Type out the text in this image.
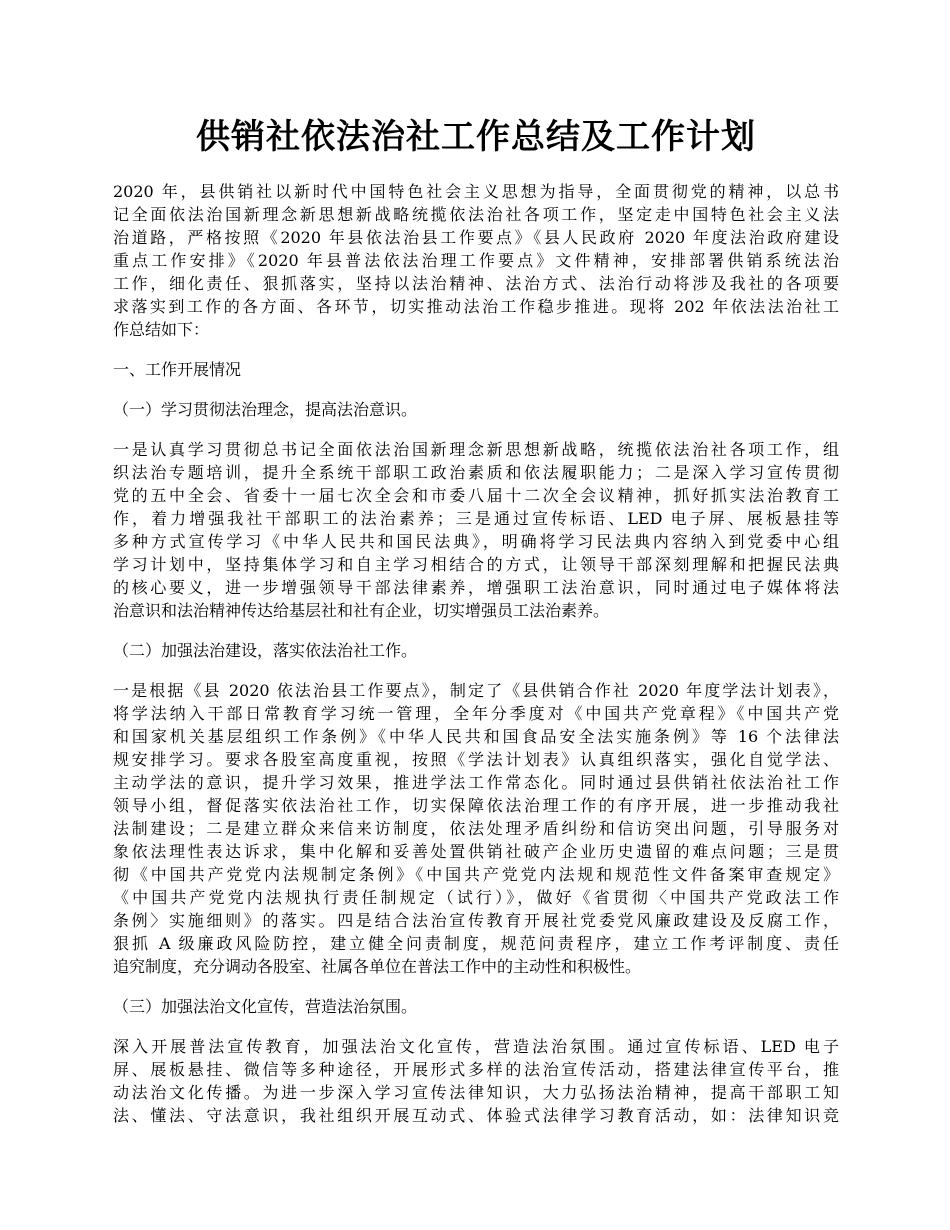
供销社依法治社工作总结及工作计划

2020 年，县供销社以新时代中国特色社会主义思想为指导，全面贯彻党的精神，以总书
记全面依法治国新理念新思想新战略统揽依法治社各项工作，坚定走中国特色社会主义法
治道路，严格按照《2020 年县依法治县工作要点》《县人民政府 2020 年度法治政府建设
重点工作安排》《2020 年县普法依法治理工作要点》文件精神，安排部署供销系统法治
工作，细化责任、狠抓落实，坚持以法治精神、法治方式、法治行动将涉及我社的各项要
求落实到工作的各方面、各环节，切实推动法治工作稳步推进。现将 202 年依法法治社工
作总结如下：

一、工作开展情况

（一）学习贯彻法治理念，提高法治意识。

一是认真学习贯彻总书记全面依法治国新理念新思想新战略，统揽依法治社各项工作，组
织法治专题培训，提升全系统干部职工政治素质和依法履职能力；二是深入学习宣传贯彻
党的五中全会、省委十一届七次全会和市委八届十二次全会议精神，抓好抓实法治教育工
作，着力增强我社干部职工的法治素养；三是通过宣传标语、LED 电子屏、展板悬挂等
多种方式宣传学习《中华人民共和国民法典》，明确将学习民法典内容纳入到党委中心组
学习计划中，坚持集体学习和自主学习相结合的方式，让领导干部深刻理解和把握民法典
的核心要义，进一步增强领导干部法律素养，增强职工法治意识，同时通过电子媒体将法
治意识和法治精神传达给基层社和社有企业，切实增强员工法治素养。

（二）加强法治建设，落实依法治社工作。

一是根据《县 2020 依法治县工作要点》，制定了《县供销合作社 2020 年度学法计划表》，
将学法纳入干部日常教育学习统一管理，全年分季度对《中国共产党章程》《中国共产党
和国家机关基层组织工作条例》《中华人民共和国食品安全法实施条例》等 16 个法律法
规安排学习。要求各股室高度重视，按照《学法计划表》认真组织落实，强化自觉学法、
主动学法的意识，提升学习效果，推进学法工作常态化。同时通过县供销社依法治社工作
领导小组，督促落实依法治社工作，切实保障依法治理工作的有序开展，进一步推动我社
法制建设；二是建立群众来信来访制度，依法处理矛盾纠纷和信访突出问题，引导服务对
象依法理性表达诉求，集中化解和妥善处置供销社破产企业历史遗留的难点问题；三是贯
彻《中国共产党党内法规制定条例》《中国共产党党内法规和规范性文件备案审查规定》
《中国共产党党内法规执行责任制规定（试行）》，做好《省贯彻〈中国共产党政法工作
条例〉实施细则》的落实。四是结合法治宣传教育开展社党委党风廉政建设及反腐工作，
狠抓 A 级廉政风险防控，建立健全问责制度，规范问责程序，建立工作考评制度、责任
追究制度，充分调动各股室、社属各单位在普法工作中的主动性和积极性。

（三）加强法治文化宣传，营造法治氛围。

深入开展普法宣传教育，加强法治文化宣传，营造法治氛围。通过宣传标语、LED 电子
屏、展板悬挂、微信等多种途径，开展形式多样的法治宣传活动，搭建法律宣传平台，推
动法治文化传播。为进一步深入学习宣传法律知识，大力弘扬法治精神，提高干部职工知
法、懂法、守法意识，我社组织开展互动式、体验式法律学习教育活动，如：法律知识竞
